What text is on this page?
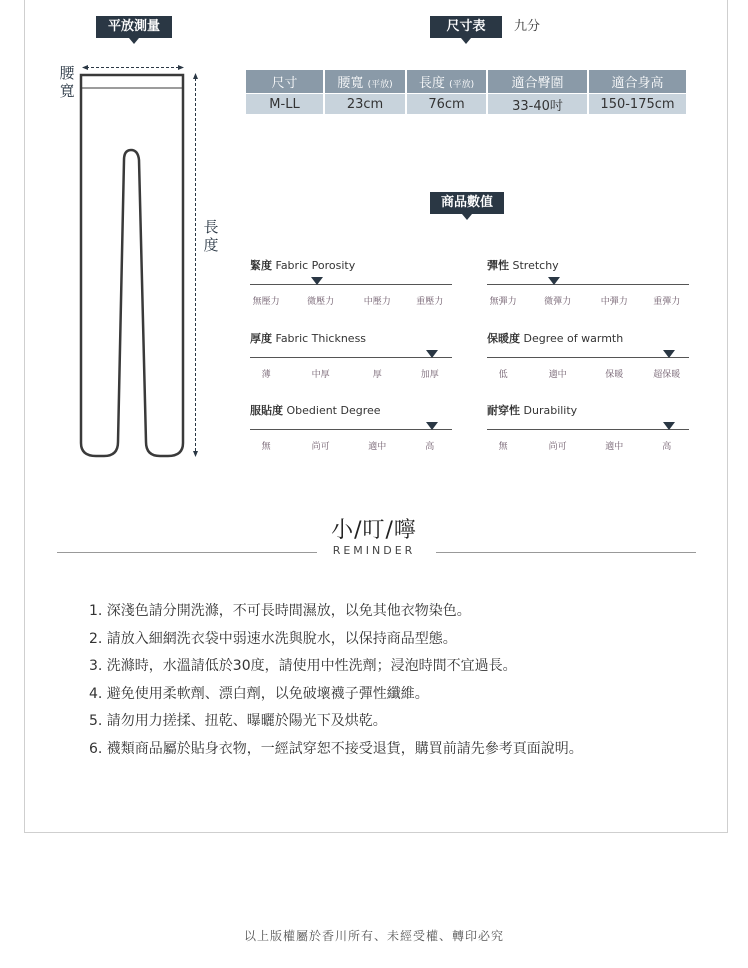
平放測量
腰寬
長度
尺寸表	九分
尺寸	腰寬 (平放)	長度 (平放)	適合臀圍	適合身高
M-LL	23cm	76cm	33-40吋	150-175cm
商品數值
緊度 Fabric Porosity
無壓力	微壓力	中壓力	重壓力
彈性 Stretchy
無彈力	微彈力	中彈力	重彈力
厚度 Fabric Thickness
薄	中厚	厚	加厚
保暖度 Degree of warmth
低	適中	保暖	超保暖
服貼度 Obedient Degree
無	尚可	適中	高
耐穿性 Durability
無	尚可	適中	高
小/叮/嚀
REMINDER
1. 深淺色請分開洗滌，不可長時間濕放，以免其他衣物染色。
2. 請放入細網洗衣袋中弱速水洗與脫水，以保持商品型態。
3. 洗滌時，水溫請低於30度，請使用中性洗劑；浸泡時間不宜過長。
4. 避免使用柔軟劑、漂白劑，以免破壞襪子彈性纖維。
5. 請勿用力搓揉、扭乾、曝曬於陽光下及烘乾。
6. 襪類商品屬於貼身衣物，一經試穿恕不接受退貨，購買前請先參考頁面說明。
以上版權屬於香川所有、未經受權、轉印必究
